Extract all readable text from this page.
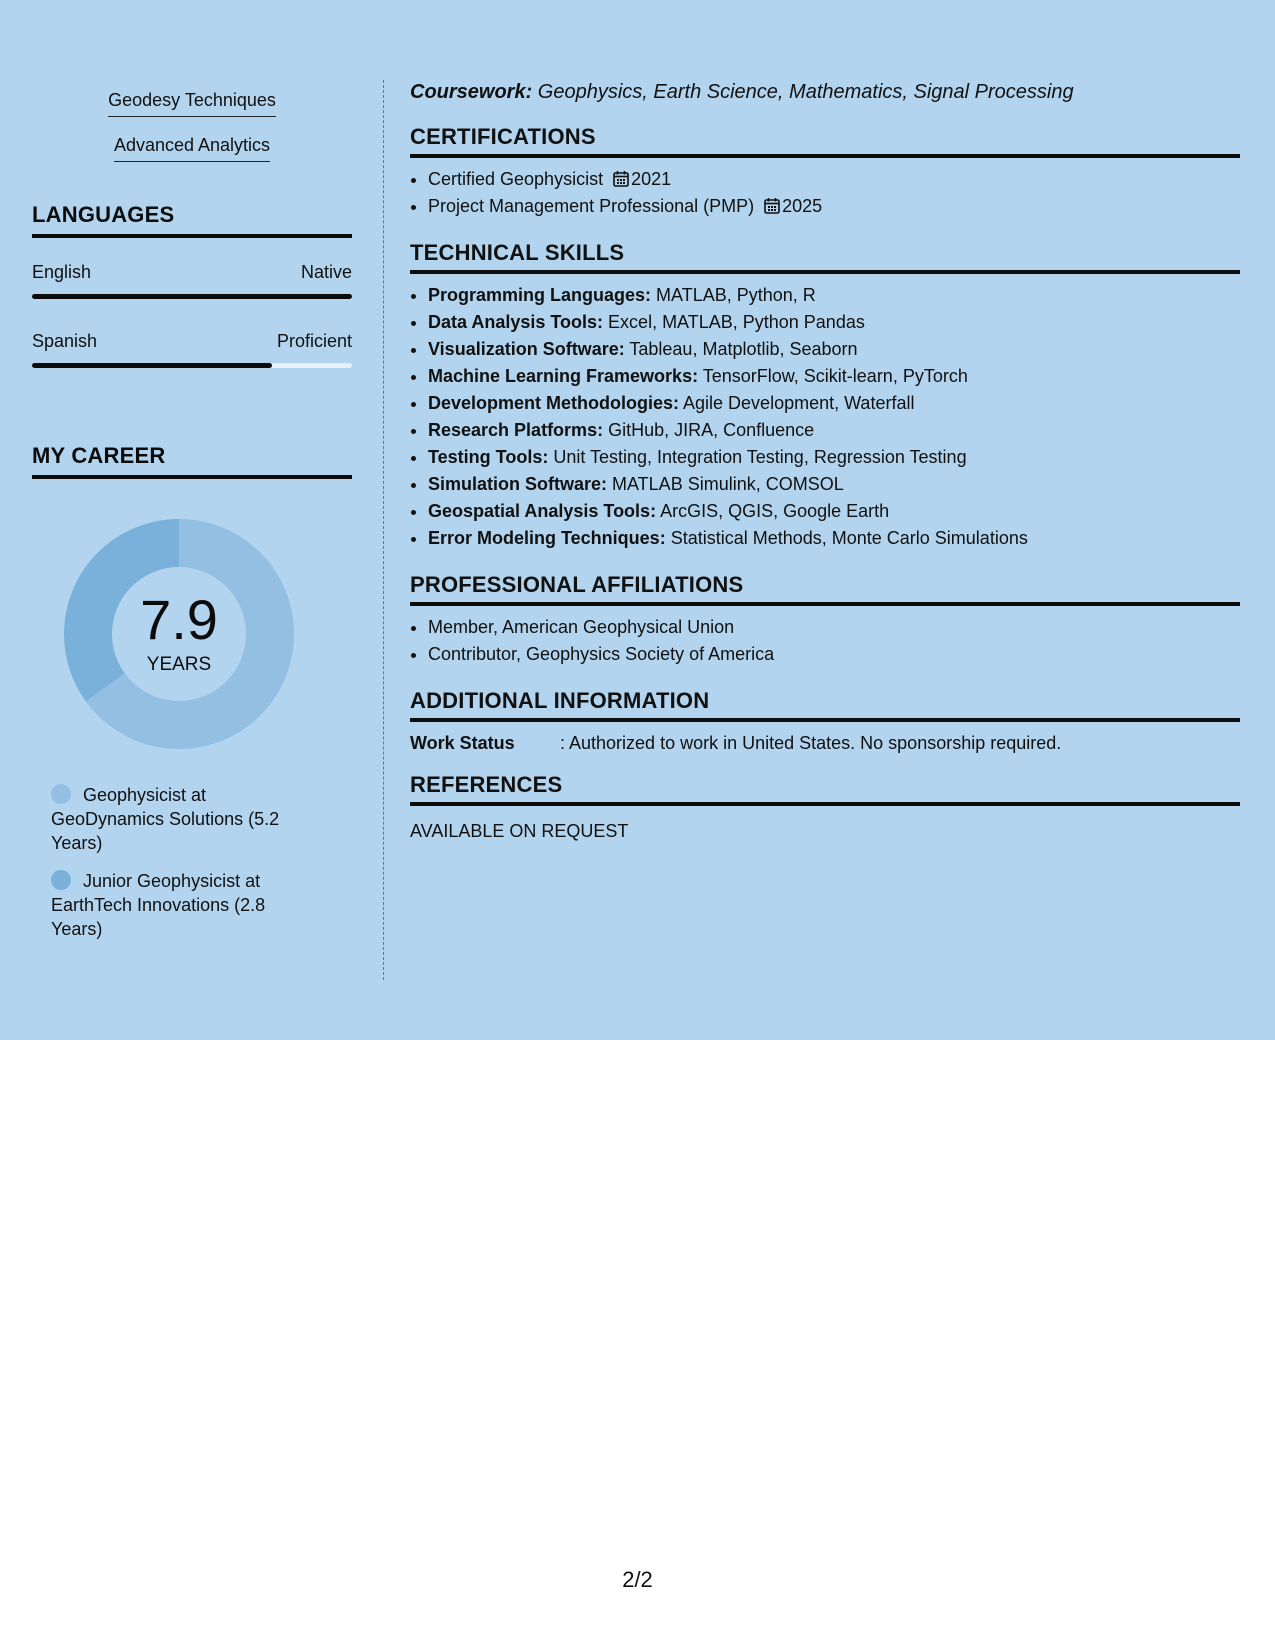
Geodesy Techniques
Advanced Analytics
LANGUAGES
English	Native
Spanish	Proficient
MY CAREER
7.9
YEARS
Geophysicist at GeoDynamics Solutions (5.2 Years)
Junior Geophysicist at EarthTech Innovations (2.8 Years)
Coursework: Geophysics, Earth Science, Mathematics, Signal Processing
CERTIFICATIONS
• Certified Geophysicist 2021
• Project Management Professional (PMP) 2025
TECHNICAL SKILLS
• Programming Languages: MATLAB, Python, R
• Data Analysis Tools: Excel, MATLAB, Python Pandas
• Visualization Software: Tableau, Matplotlib, Seaborn
• Machine Learning Frameworks: TensorFlow, Scikit-learn, PyTorch
• Development Methodologies: Agile Development, Waterfall
• Research Platforms: GitHub, JIRA, Confluence
• Testing Tools: Unit Testing, Integration Testing, Regression Testing
• Simulation Software: MATLAB Simulink, COMSOL
• Geospatial Analysis Tools: ArcGIS, QGIS, Google Earth
• Error Modeling Techniques: Statistical Methods, Monte Carlo Simulations
PROFESSIONAL AFFILIATIONS
• Member, American Geophysical Union
• Contributor, Geophysics Society of America
ADDITIONAL INFORMATION
Work Status	: Authorized to work in United States. No sponsorship required.
REFERENCES
AVAILABLE ON REQUEST
2/2
